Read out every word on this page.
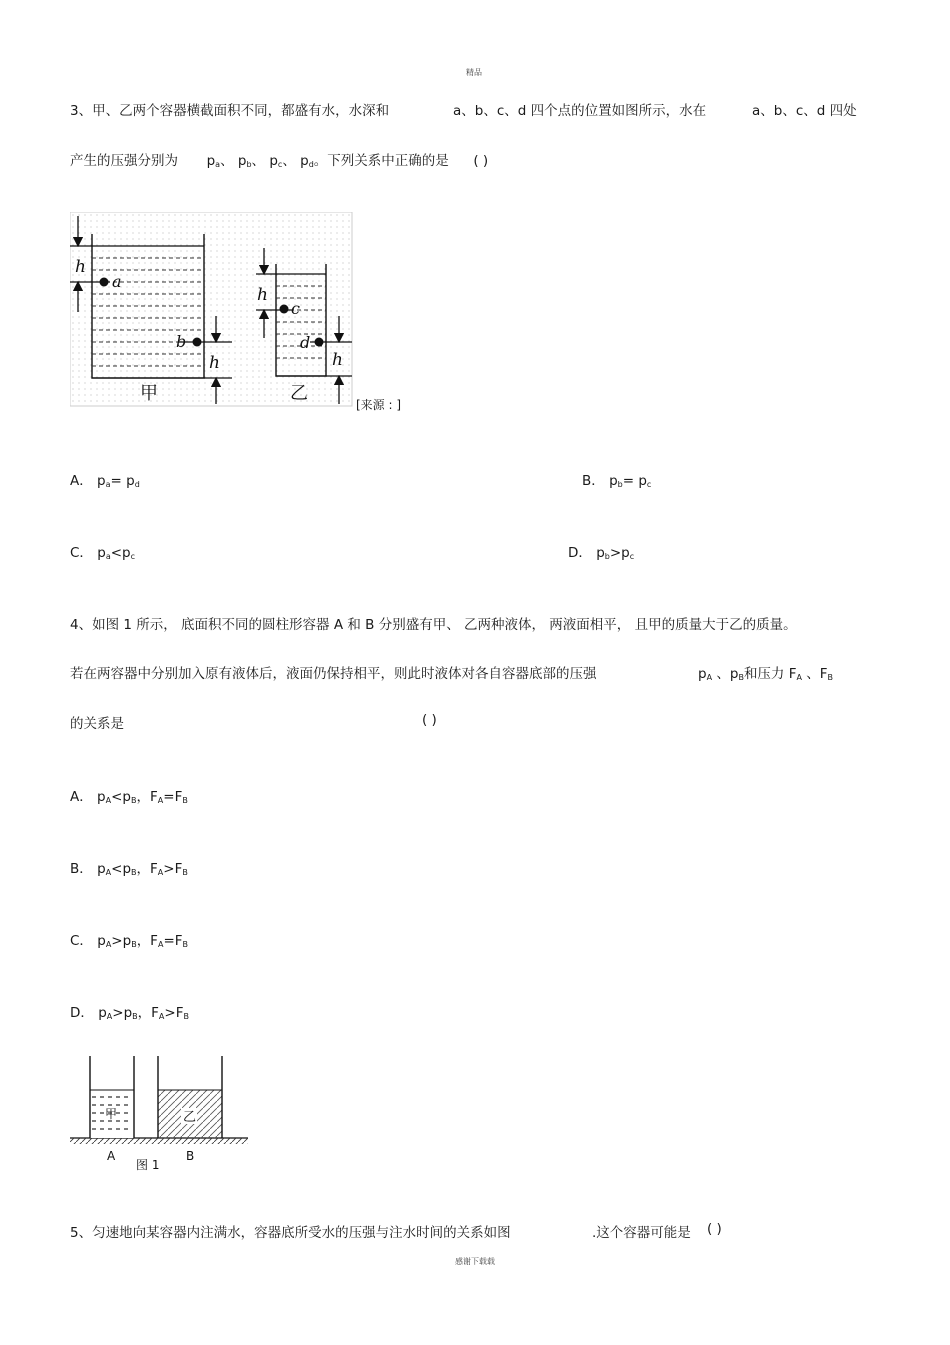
精品
3、甲、乙两个容器横截面积不同，都盛有水，水深和	a、b、c、d 四个点的位置如图所示，水在	a、b、c、d 四处
产生的压强分别为 $p_a$、 $p_b$、 $p_c$、 $p_d$。下列关系中正确的是 ( )
h
a
b
h
甲
h
c
d
h
乙
[来源 : ]
A． $p_a= p_d$	B． $p_b= p_c$
C． $p_a<p_c$	D． $p_b>p_c$
4、如图 1 所示， 底面积不同的圆柱形容器 A 和 B 分别盛有甲、 乙两种液体， 两液面相平， 且甲的质量大于乙的质量。
若在两容器中分别加入原有液体后，液面仍保持相平，则此时液体对各自容器底部的压强	$p_A$ 、$p_B$和压力 $F_A$ 、$F_B$
的关系是	( )
A． $p_A<p_B$，$F_A=F_B$
B． $p_A<p_B$，$F_A>F_B$
C． $p_A>p_B$，$F_A=F_B$
D． $p_A>p_B$，$F_A>F_B$
甲	乙
A	B
图 1
5、匀速地向某容器内注满水，容器底所受水的压强与注水时间的关系如图	.这个容器可能是 ( )
感谢下载载
